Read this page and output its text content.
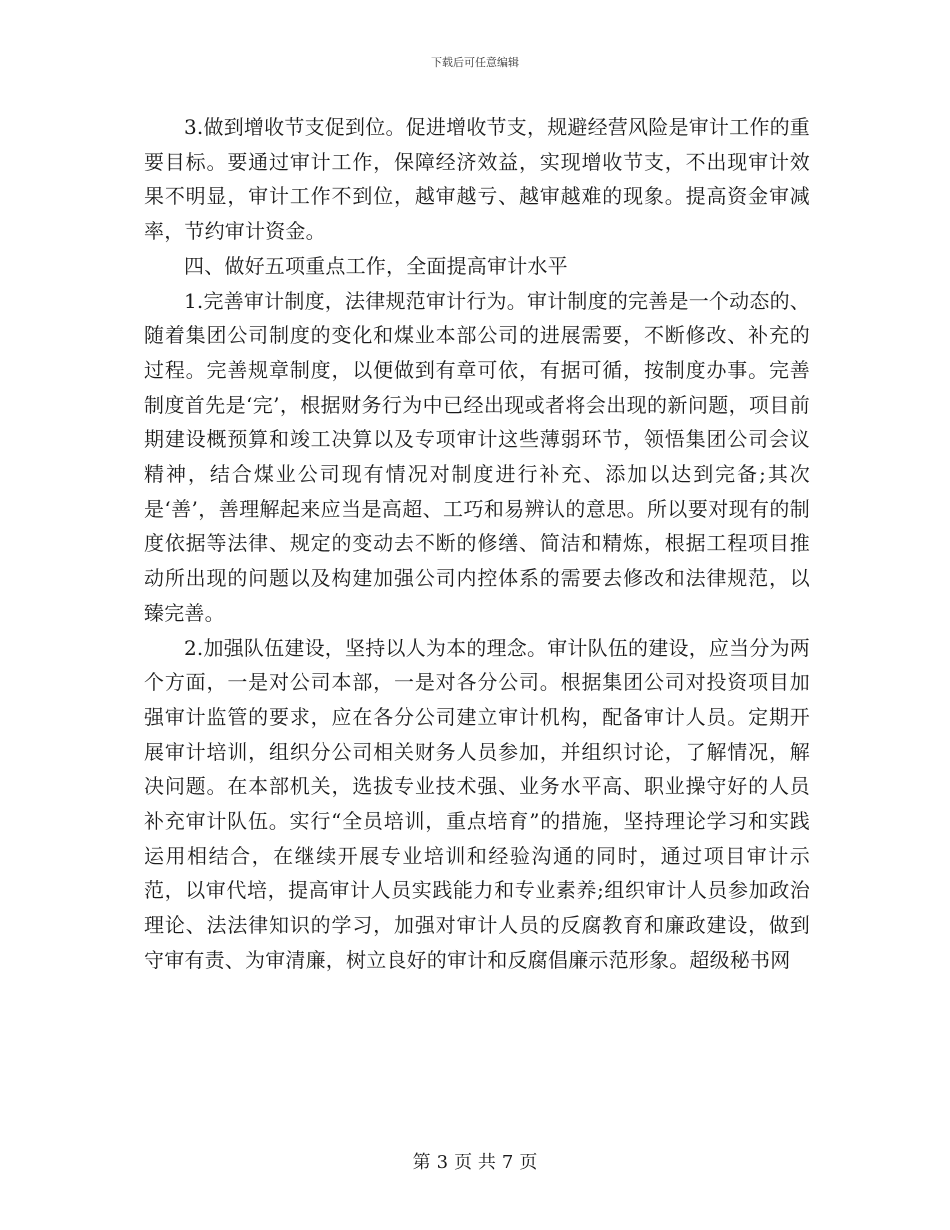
下载后可任意编辑

3.做到增收节支促到位。促进增收节支，规避经营风险是审计工作的重要目标。要通过审计工作，保障经济效益，实现增收节支，不出现审计效果不明显，审计工作不到位，越审越亏、越审越难的现象。提高资金审减率，节约审计资金。

四、做好五项重点工作，全面提高审计水平

1.完善审计制度，法律规范审计行为。审计制度的完善是一个动态的、随着集团公司制度的变化和煤业本部公司的进展需要，不断修改、补充的过程。完善规章制度，以便做到有章可依，有据可循，按制度办事。完善制度首先是‘完’，根据财务行为中已经出现或者将会出现的新问题，项目前期建设概预算和竣工决算以及专项审计这些薄弱环节，领悟集团公司会议精神，结合煤业公司现有情况对制度进行补充、添加以达到完备;其次是‘善’，善理解起来应当是高超、工巧和易辨认的意思。所以要对现有的制度依据等法律、规定的变动去不断的修缮、简洁和精炼，根据工程项目推动所出现的问题以及构建加强公司内控体系的需要去修改和法律规范，以臻完善。

2.加强队伍建设，坚持以人为本的理念。审计队伍的建设，应当分为两个方面，一是对公司本部，一是对各分公司。根据集团公司对投资项目加强审计监管的要求，应在各分公司建立审计机构，配备审计人员。定期开展审计培训，组织分公司相关财务人员参加，并组织讨论，了解情况，解决问题。在本部机关，选拔专业技术强、业务水平高、职业操守好的人员补充审计队伍。实行“全员培训，重点培育”的措施，坚持理论学习和实践运用相结合，在继续开展专业培训和经验沟通的同时，通过项目审计示范，以审代培，提高审计人员实践能力和专业素养;组织审计人员参加政治理论、法法律知识的学习，加强对审计人员的反腐教育和廉政建设，做到守审有责、为审清廉，树立良好的审计和反腐倡廉示范形象。超级秘书网

第 3 页 共 7 页
